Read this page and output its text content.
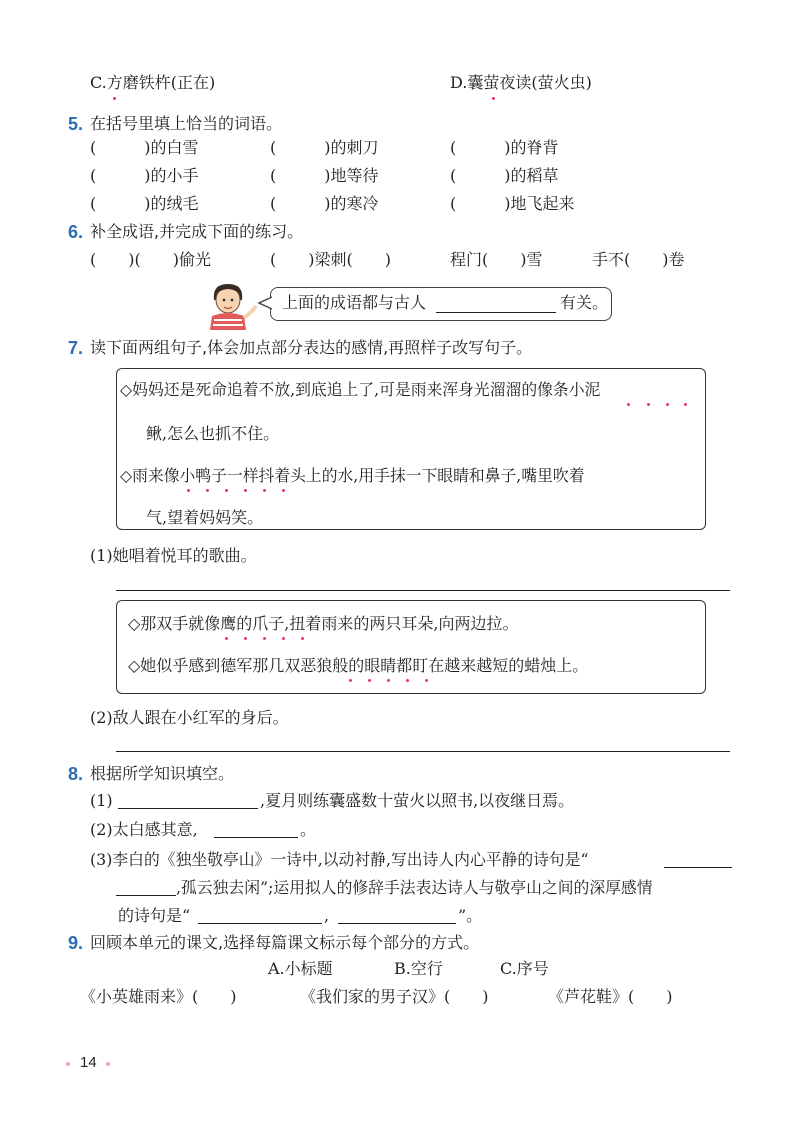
C.方磨铁杵(正在)	D.囊萤夜读(萤火虫)
5. 在括号里填上恰当的词语。
(　　　)的白雪	(　　　)的刺刀	(　　　)的脊背
(　　　)的小手	(　　　)地等待	(　　　)的稻草
(　　　)的绒毛	(　　　)的寒冷	(　　　)地飞起来
6. 补全成语,并完成下面的练习。
(　　)(　　)偷光	(　　)梁刺(　　)	程门(　　)雪	手不(　　)卷
上面的成语都与古人	有关。
7. 读下面两组句子,体会加点部分表达的感情,再照样子改写句子。
◇妈妈还是死命追着不放,到底追上了,可是雨来浑身光溜溜的像条小泥
鳅,怎么也抓不住。
◇雨来像小鸭子一样抖着头上的水,用手抹一下眼睛和鼻子,嘴里吹着
气,望着妈妈笑。
(1)她唱着悦耳的歌曲。
◇那双手就像鹰的爪子,扭着雨来的两只耳朵,向两边拉。
◇她似乎感到德军那几双恶狼般的眼睛都盯在越来越短的蜡烛上。
(2)敌人跟在小红军的身后。
8. 根据所学知识填空。
(1)	,夏月则练囊盛数十萤火以照书,以夜继日焉。
(2)太白感其意,	。
(3)李白的《独坐敬亭山》一诗中,以动衬静,写出诗人内心平静的诗句是“
,孤云独去闲”;运用拟人的修辞手法表达诗人与敬亭山之间的深厚感情
的诗句是“	,	”。
9. 回顾本单元的课文,选择每篇课文标示每个部分的方式。
A.小标题	B.空行	C.序号
《小英雄雨来》(　　)	《我们家的男子汉》(　　)	《芦花鞋》(　　)
14
